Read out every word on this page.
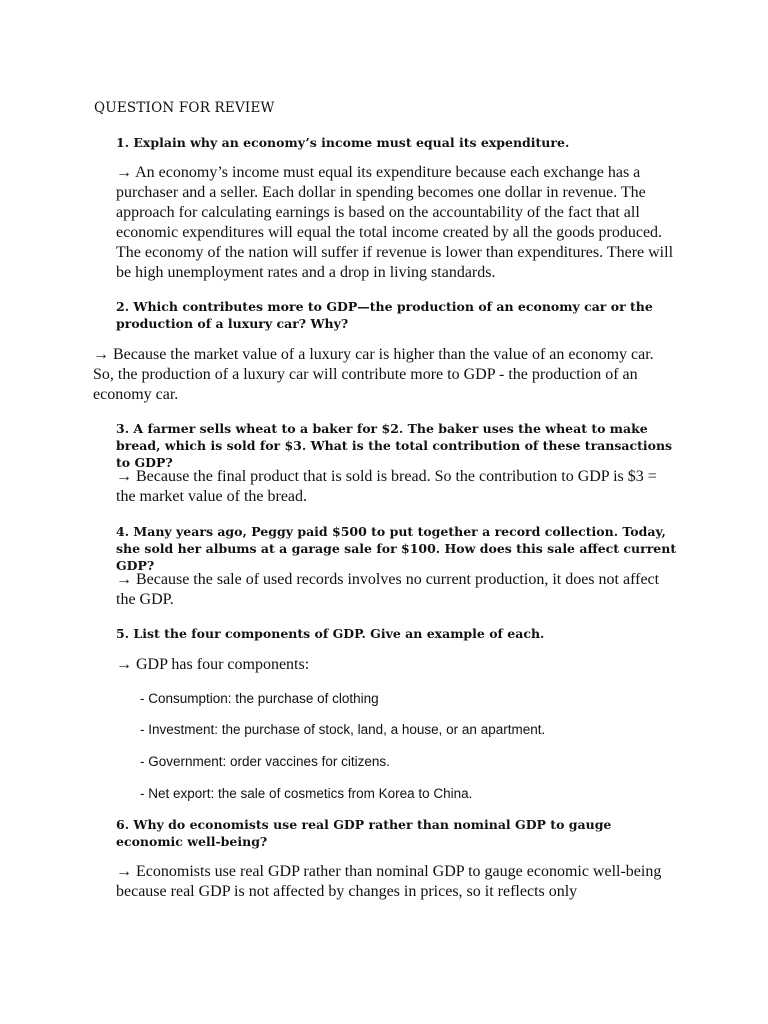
QUESTION FOR REVIEW

1. Explain why an economy’s income must equal its expenditure.

→ An economy’s income must equal its expenditure because each exchange has a purchaser and a seller. Each dollar in spending becomes one dollar in revenue. The approach for calculating earnings is based on the accountability of the fact that all economic expenditures will equal the total income created by all the goods produced. The economy of the nation will suffer if revenue is lower than expenditures. There will be high unemployment rates and a drop in living standards.

2. Which contributes more to GDP—the production of an economy car or the production of a luxury car? Why?

→ Because the market value of a luxury car is higher than the value of an economy car. So, the production of a luxury car will contribute more to GDP - the production of an economy car.

3. A farmer sells wheat to a baker for $2. The baker uses the wheat to make bread, which is sold for $3. What is the total contribution of these transactions to GDP?

→ Because the final product that is sold is bread. So the contribution to GDP is $3 = the market value of the bread.

4. Many years ago, Peggy paid $500 to put together a record collection. Today, she sold her albums at a garage sale for $100. How does this sale affect current GDP?

→ Because the sale of used records involves no current production, it does not affect the GDP.

5. List the four components of GDP. Give an example of each.

→ GDP has four components:

- Consumption: the purchase of clothing

- Investment: the purchase of stock, land, a house, or an apartment.

- Government: order vaccines for citizens.

- Net export: the sale of cosmetics from Korea to China.

6. Why do economists use real GDP rather than nominal GDP to gauge economic well-being?

→ Economists use real GDP rather than nominal GDP to gauge economic well-being because real GDP is not affected by changes in prices, so it reflects only
